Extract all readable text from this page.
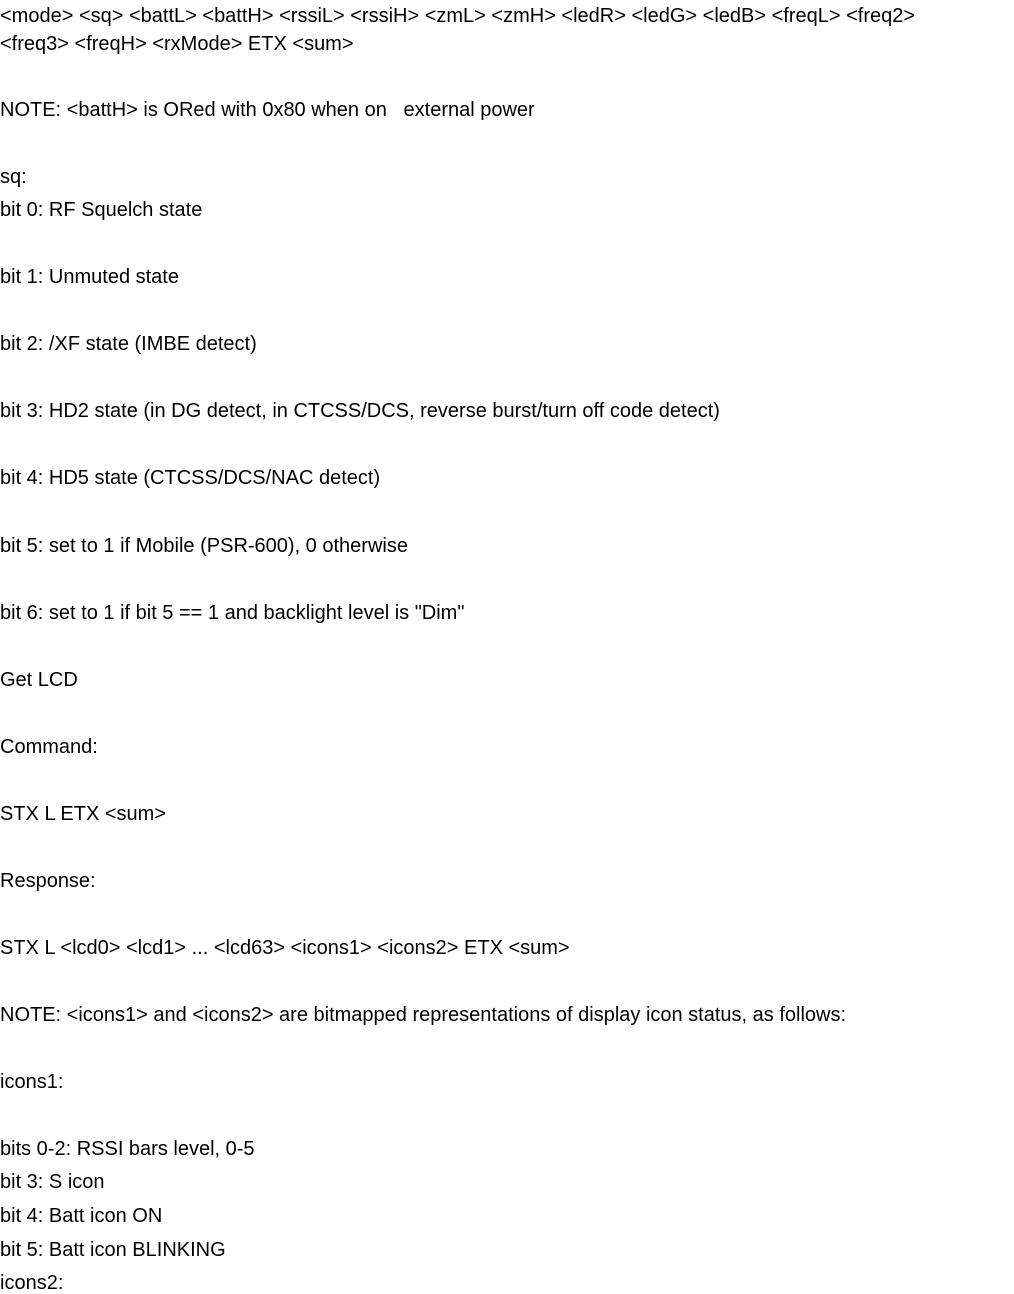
<mode> <sq> <battL> <battH> <rssiL> <rssiH> <zmL> <zmH> <ledR> <ledG> <ledB> <freqL> <freq2>
<freq3> <freqH> <rxMode> ETX <sum>
NOTE: <battH> is ORed with 0x80 when on   external power
sq:
bit 0: RF Squelch state
bit 1: Unmuted state
bit 2: /XF state (IMBE detect)
bit 3: HD2 state (in DG detect, in CTCSS/DCS, reverse burst/turn off code detect)
bit 4: HD5 state (CTCSS/DCS/NAC detect)
bit 5: set to 1 if Mobile (PSR-600), 0 otherwise
bit 6: set to 1 if bit 5 == 1 and backlight level is "Dim"
Get LCD
Command:
STX L ETX <sum>
Response:
STX L <lcd0> <lcd1> ... <lcd63> <icons1> <icons2> ETX <sum>
NOTE: <icons1> and <icons2> are bitmapped representations of display icon status, as follows:
icons1:
bits 0-2: RSSI bars level, 0-5
bit 3: S icon
bit 4: Batt icon ON
bit 5: Batt icon BLINKING
icons2:
